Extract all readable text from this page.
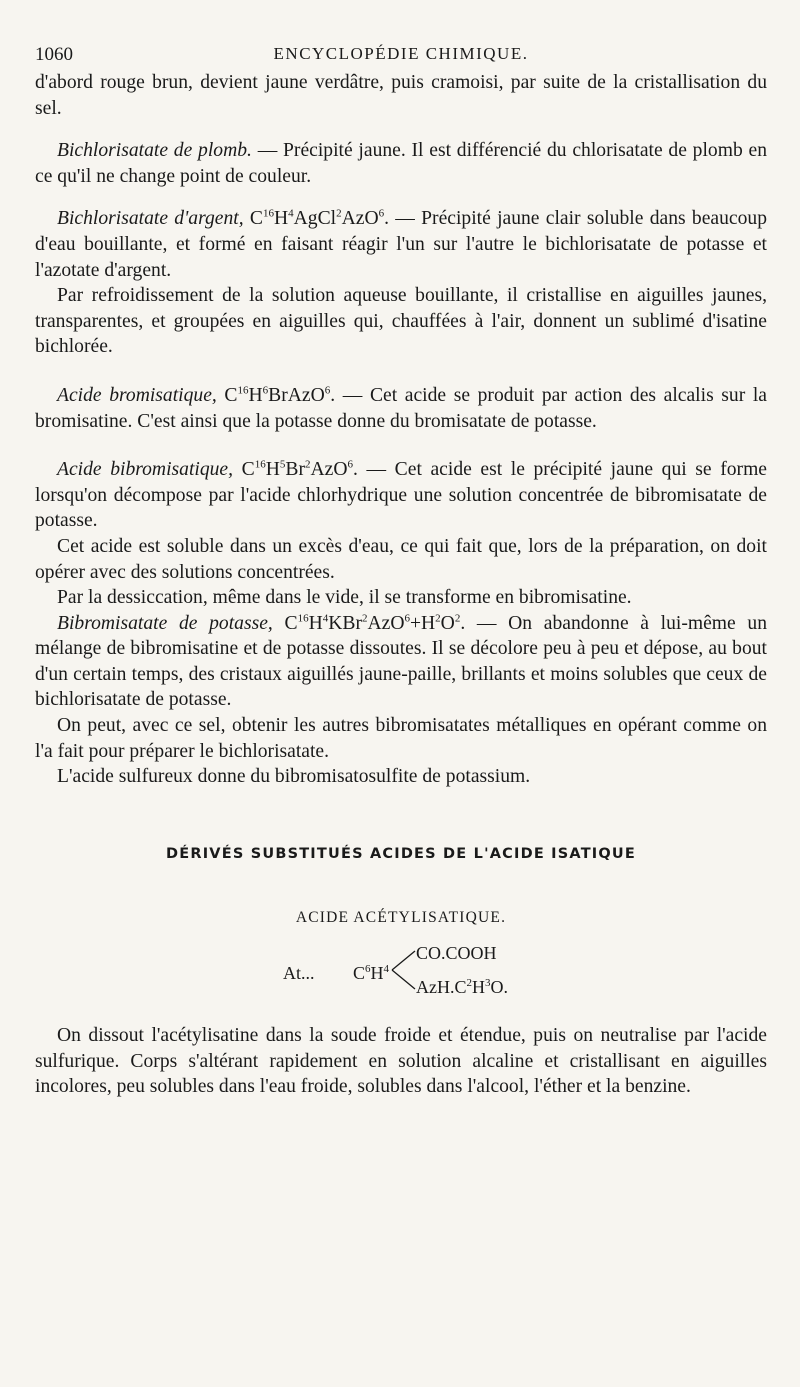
1060	ENCYCLOPÉDIE CHIMIQUE.

d'abord rouge brun, devient jaune verdâtre, puis cramoisi, par suite de la cristallisation du sel.

Bichlorisatate de plomb. — Précipité jaune. Il est différencié du chlorisatate de plomb en ce qu'il ne change point de couleur.

Bichlorisatate d'argent, $C^{16}H^4AgCl^2AzO^6$. — Précipité jaune clair soluble dans beaucoup d'eau bouillante, et formé en faisant réagir l'un sur l'autre le bichlorisatate de potasse et l'azotate d'argent.

Par refroidissement de la solution aqueuse bouillante, il cristallise en aiguilles jaunes, transparentes, et groupées en aiguilles qui, chauffées à l'air, donnent un sublimé d'isatine bichlorée.

Acide bromisatique, $C^{16}H^6BrAzO^6$. — Cet acide se produit par action des alcalis sur la bromisatine. C'est ainsi que la potasse donne du bromisatate de potasse.

Acide bibromisatique, $C^{16}H^5Br^2AzO^6$. — Cet acide est le précipité jaune qui se forme lorsqu'on décompose par l'acide chlorhydrique une solution concentrée de bibromisatate de potasse.

Cet acide est soluble dans un excès d'eau, ce qui fait que, lors de la préparation, on doit opérer avec des solutions concentrées.

Par la dessiccation, même dans le vide, il se transforme en bibromisatine.

Bibromisatate de potasse, $C^{16}H^4KBr^2AzO^6+H^2O^2$. — On abandonne à lui-même un mélange de bibromisatine et de potasse dissoutes. Il se décolore peu à peu et dépose, au bout d'un certain temps, des cristaux aiguillés jaune-paille, brillants et moins solubles que ceux de bichlorisatate de potasse.

On peut, avec ce sel, obtenir les autres bibromisatates métalliques en opérant comme on l'a fait pour préparer le bichlorisatate.

L'acide sulfureux donne du bibromisatosulfite de potassium.

DÉRIVÉS SUBSTITUÉS ACIDES DE L'ACIDE ISATIQUE
ACIDE ACÉTYLISATIQUE.
At... $C^6H^4$
CO.COOH
$AzH.C^2H^3O$.

On dissout l'acétylisatine dans la soude froide et étendue, puis on neutralise par l'acide sulfurique. Corps s'altérant rapidement en solution alcaline et cristallisant en aiguilles incolores, peu solubles dans l'eau froide, solubles dans l'alcool, l'éther et la benzine.
